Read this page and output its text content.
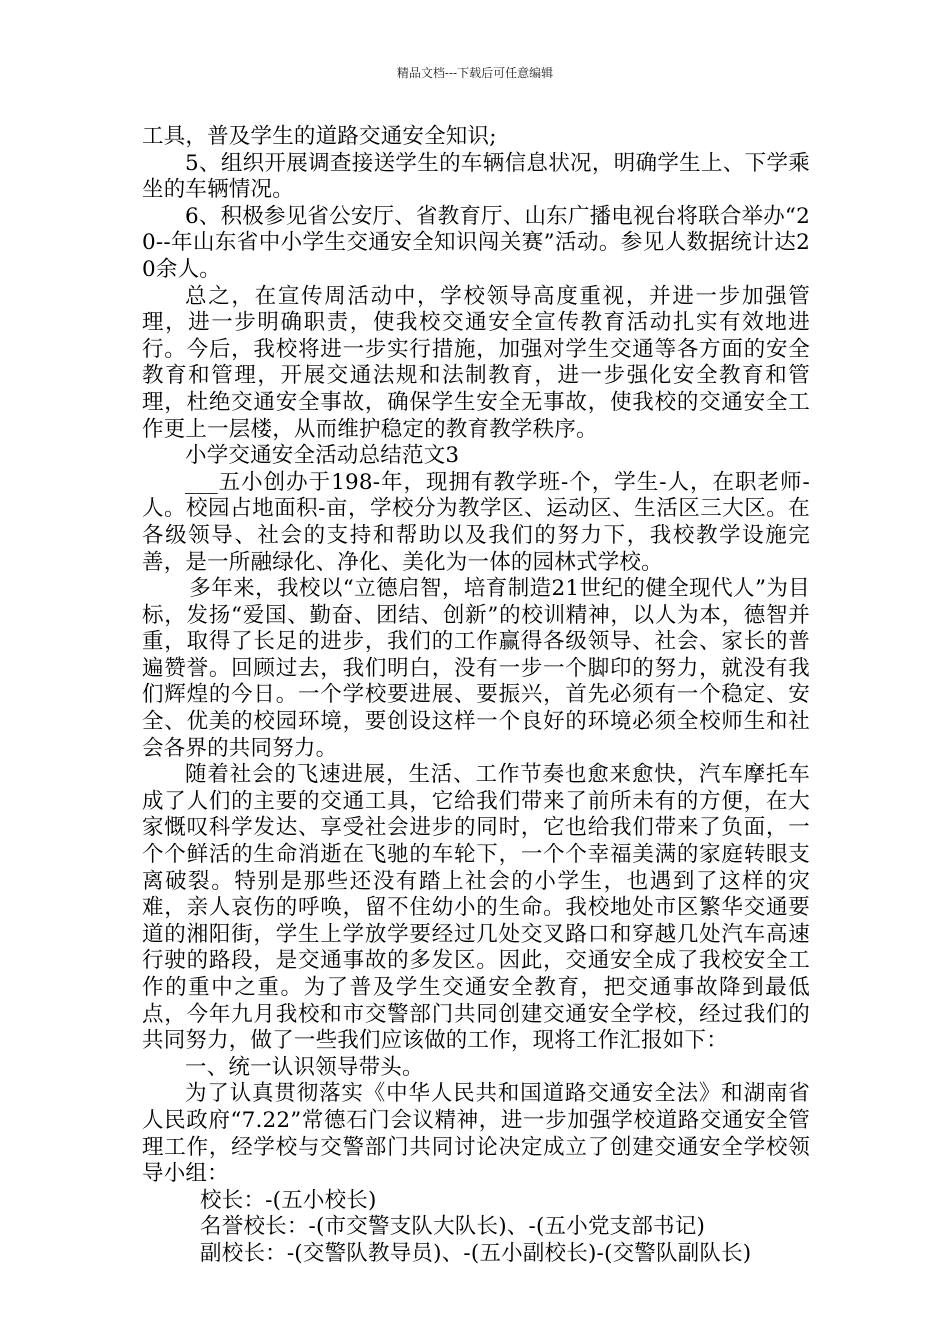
精品文档---下载后可任意编辑

工具，普及学生的道路交通安全知识;

5、组织开展调查接送学生的车辆信息状况，明确学生上、下学乘坐的车辆情况。

6、积极参见省公安厅、省教育厅、山东广播电视台将联合举办“20--年山东省中小学生交通安全知识闯关赛”活动。参见人数据统计达20余人。

总之，在宣传周活动中，学校领导高度重视，并进一步加强管理，进一步明确职责，使我校交通安全宣传教育活动扎实有效地进行。今后，我校将进一步实行措施，加强对学生交通等各方面的安全教育和管理，开展交通法规和法制教育，进一步强化安全教育和管理，杜绝交通安全事故，确保学生安全无事故，使我校的交通安全工作更上一层楼，从而维护稳定的教育教学秩序。

小学交通安全活动总结范文3

___五小创办于198-年，现拥有教学班-个，学生-人，在职老师-人。校园占地面积-亩，学校分为教学区、运动区、生活区三大区。在各级领导、社会的支持和帮助以及我们的努力下，我校教学设施完善，是一所融绿化、净化、美化为一体的园林式学校。

多年来，我校以“立德启智，培育制造21世纪的健全现代人”为目标，发扬“爱国、勤奋、团结、创新”的校训精神，以人为本，德智并重，取得了长足的进步，我们的工作赢得各级领导、社会、家长的普遍赞誉。回顾过去，我们明白，没有一步一个脚印的努力，就没有我们辉煌的今日。一个学校要进展、要振兴，首先必须有一个稳定、安全、优美的校园环境，要创设这样一个良好的环境必须全校师生和社会各界的共同努力。

随着社会的飞速进展，生活、工作节奏也愈来愈快，汽车摩托车成了人们的主要的交通工具，它给我们带来了前所未有的方便，在大家慨叹科学发达、享受社会进步的同时，它也给我们带来了负面，一个个鲜活的生命消逝在飞驰的车轮下，一个个幸福美满的家庭转眼支离破裂。特别是那些还没有踏上社会的小学生，也遇到了这样的灾难，亲人哀伤的呼唤，留不住幼小的生命。我校地处市区繁华交通要道的湘阳街，学生上学放学要经过几处交叉路口和穿越几处汽车高速行驶的路段，是交通事故的多发区。因此，交通安全成了我校安全工作的重中之重。为了普及学生交通安全教育，把交通事故降到最低点，今年九月我校和市交警部门共同创建交通安全学校，经过我们的共同努力，做了一些我们应该做的工作，现将工作汇报如下：

一、统一认识领导带头。

为了认真贯彻落实《中华人民共和国道路交通安全法》和湖南省人民政府“7.22”常德石门会议精神，进一步加强学校道路交通安全管理工作，经学校与交警部门共同讨论决定成立了创建交通安全学校领导小组：

校长：-(五小校长)

名誉校长：-(市交警支队大队长)、-(五小党支部书记)

副校长：-(交警队教导员)、-(五小副校长)-(交警队副队长)
